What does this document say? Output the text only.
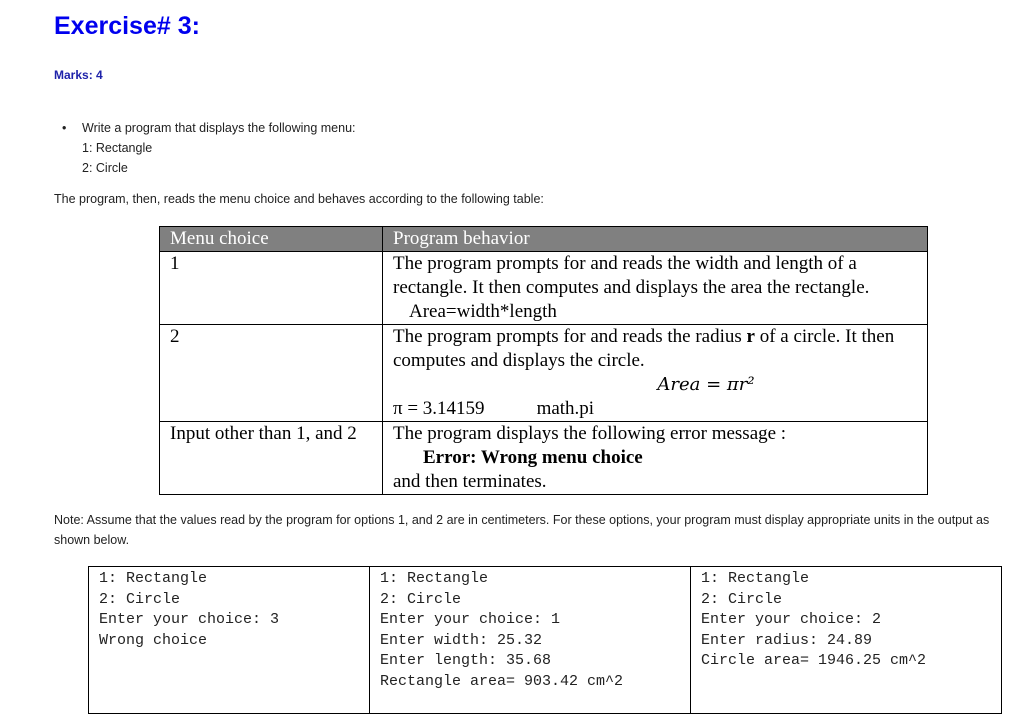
Exercise# 3:
Marks: 4
• Write a program that displays the following menu:
1: Rectangle
2: Circle
The program, then, reads the menu choice and behaves according to the following table:
Menu choice	Program behavior
1	The program prompts for and reads the width and length of a rectangle. It then computes and displays the area the rectangle.
Area=width*length

2	The program prompts for and reads the radius r of a circle. It then computes and displays the circle.
Area = πr²
π = 3.14159 math.pi

Input other than 1, and 2	The program displays the following error message :
Error: Wrong menu choice
and then terminates.
Note: Assume that the values read by the program for options 1, and 2 are in centimeters. For these options, your program must display appropriate units in the output as shown below.
1: Rectangle
2: Circle
Enter your choice: 3
Wrong choice
1: Rectangle
2: Circle
Enter your choice: 1
Enter width: 25.32
Enter length: 35.68
Rectangle area= 903.42 cm^2
1: Rectangle
2: Circle
Enter your choice: 2
Enter radius: 24.89
Circle area= 1946.25 cm^2
